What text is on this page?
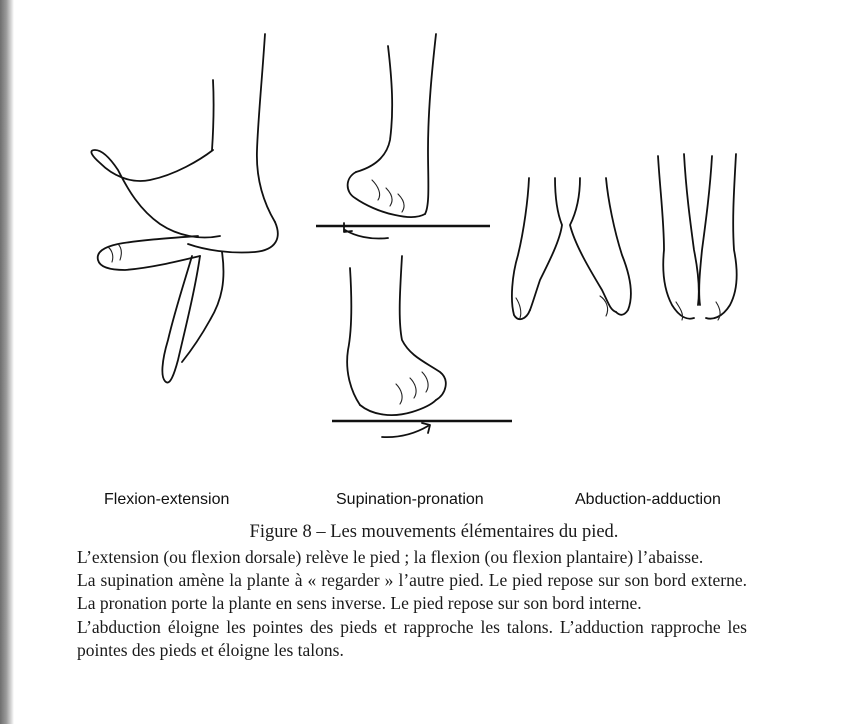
Flexion-extension	Supination-pronation	Abduction-adduction
Figure 8 – Les mouvements élémentaires du pied.

L’extension (ou flexion dorsale) relève le pied ; la flexion (ou flexion plantaire) l’abaisse.

La supination amène la plante à « regarder » l’autre pied. Le pied repose sur son bord externe. La pronation porte la plante en sens inverse. Le pied repose sur son bord interne.

L’abduction éloigne les pointes des pieds et rapproche les talons. L’adduction rapproche les pointes des pieds et éloigne les talons.
